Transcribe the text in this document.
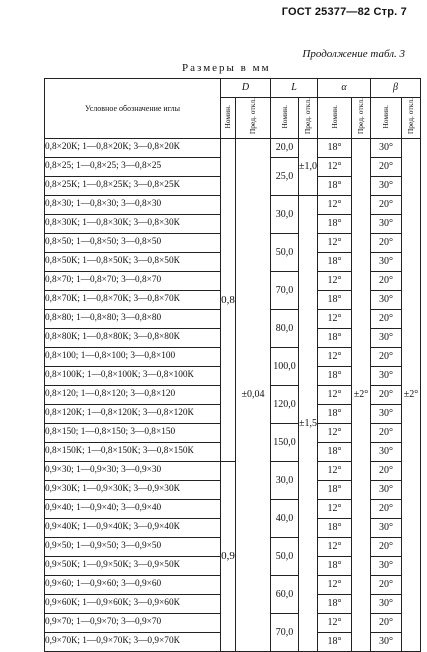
ГОСТ 25377—82 Стр. 7
Продолжение табл. 3
Размеры в мм
Условное обозначение иглы	D		L		α		β	
	Номин.	Пред. откл.	Номин.	Пред. откл.	Номин.	Пред. откл.	Номин.	Пред. откл.
0,8×20К; 1—0,8×20К; 3—0,8×20К	0,8	±0,04	20,0	±1,0	18°	±2°	30°	±2°
0,8×25; 1—0,8×25; 3—0,8×25			25,0		12°		20°	
0,8×25К; 1—0,8×25К; 3—0,8×25К					18°		30°	
0,8×30; 1—0,8×30; 3—0,8×30			30,0	±1,5	12°		20°	
0,8×30К; 1—0,8×30К; 3—0,8×30К					18°		30°	
0,8×50; 1—0,8×50; 3—0,8×50			50,0		12°		20°	
0,8×50К; 1—0,8×50К; 3—0,8×50К					18°		30°	
0,8×70; 1—0,8×70; 3—0,8×70			70,0		12°		20°	
0,8×70К; 1—0,8×70К; 3—0,8×70К					18°		30°	
0,8×80; 1—0,8×80; 3—0,8×80			80,0		12°		20°	
0,8×80К; 1—0,8×80К; 3—0,8×80К					18°		30°	
0,8×100; 1—0,8×100; 3—0,8×100			100,0		12°		20°	
0,8×100К; 1—0,8×100К; 3—0,8×100К					18°		30°	
0,8×120; 1—0,8×120; 3—0,8×120			120,0		12°		20°	
0,8×120К; 1—0,8×120К; 3—0,8×120К					18°		30°	
0,8×150; 1—0,8×150; 3—0,8×150			150,0		12°		20°	
0,8×150К; 1—0,8×150К; 3—0,8×150К					18°		30°	
0,9×30; 1—0,9×30; 3—0,9×30	0,9		30,0		12°		20°	
0,9×30К; 1—0,9×30К; 3—0,9×30К					18°		30°	
0,9×40; 1—0,9×40; 3—0,9×40			40,0		12°		20°	
0,9×40К; 1—0,9×40К; 3—0,9×40К					18°		30°	
0,9×50; 1—0,9×50; 3—0,9×50			50,0		12°		20°	
0,9×50К; 1—0,9×50К; 3—0,9×50К					18°		30°	
0,9×60; 1—0,9×60; 3—0,9×60			60,0		12°		20°	
0,9×60К; 1—0,9×60К; 3—0,9×60К					18°		30°	
0,9×70; 1—0,9×70; 3—0,9×70			70,0		12°		20°	
0,9×70К; 1—0,9×70К; 3—0,9×70К					18°		30°	
